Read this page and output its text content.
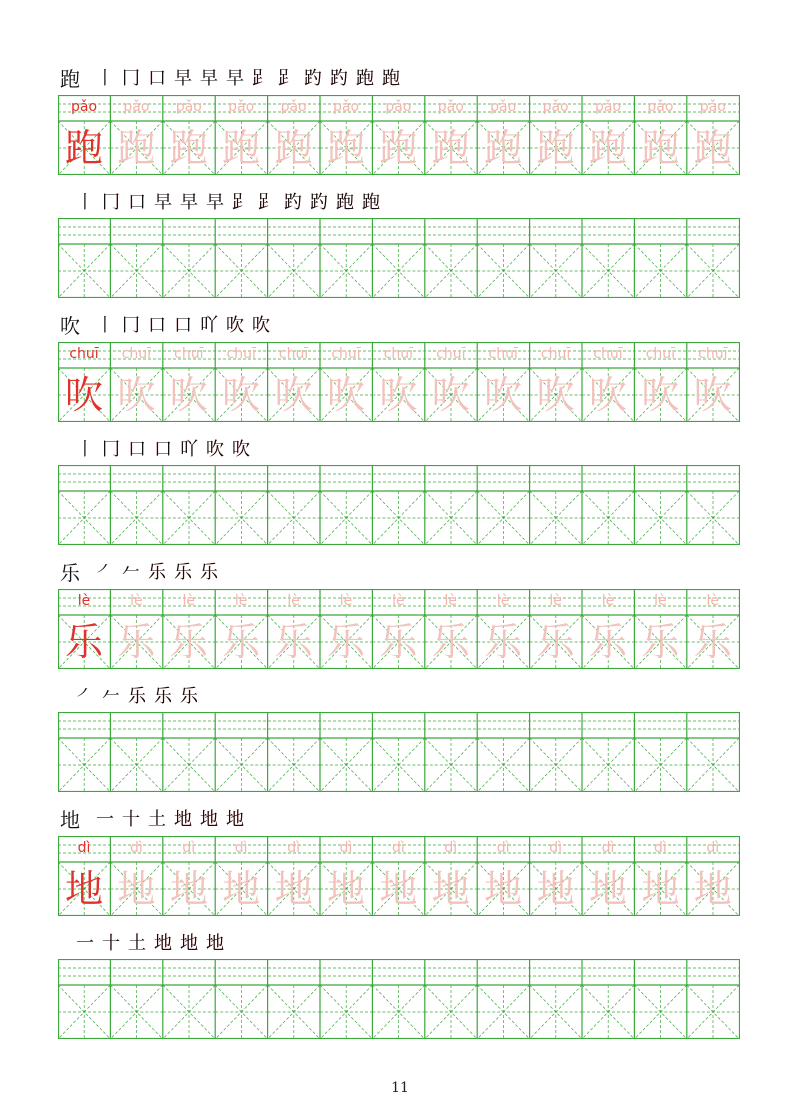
跑 丨 冂 口 早 早 早 𧾷 𧾷 趵 趵 跑 跑
pǎo
跑
pǎo
跑
pǎo
跑
pǎo
跑
pǎo
跑
pǎo
跑
pǎo
跑
pǎo
跑
pǎo
跑
pǎo
跑
pǎo
跑
pǎo
跑
pǎo
跑
丨 冂 口 早 早 早 𧾷 𧾷 趵 趵 跑 跑
吹 丨 冂 口 口 吖 吹 吹
chuī
吹
chuī
吹
chuī
吹
chuī
吹
chuī
吹
chuī
吹
chuī
吹
chuī
吹
chuī
吹
chuī
吹
chuī
吹
chuī
吹
chuī
吹
丨 冂 口 口 吖 吹 吹
乐 ㇒ 𠂉 乐 乐 乐
lè
乐
lè
乐
lè
乐
lè
乐
lè
乐
lè
乐
lè
乐
lè
乐
lè
乐
lè
乐
lè
乐
lè
乐
lè
乐
㇒ 𠂉 乐 乐 乐
地 一 十 土 地 地 地
dì
地
dì
地
dì
地
dì
地
dì
地
dì
地
dì
地
dì
地
dì
地
dì
地
dì
地
dì
地
dì
地
一 十 土 地 地 地
11
